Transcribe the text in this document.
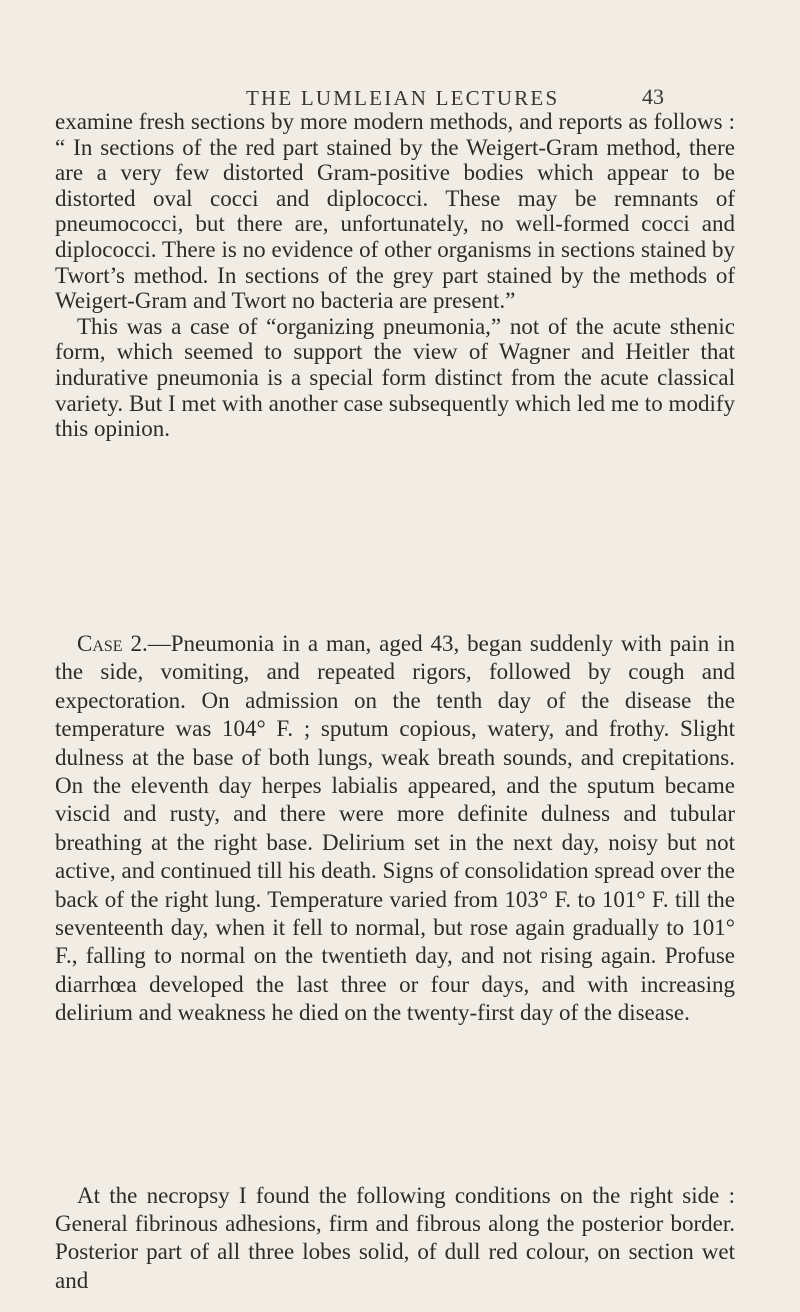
THE LUMLEIAN LECTURES	43

examine fresh sections by more modern methods, and reports as follows : “ In sections of the red part stained by the Weigert-Gram method, there are a very few distorted Gram-positive bodies which appear to be distorted oval cocci and diplococci. These may be remnants of pneumococci, but there are, unfortunately, no well-formed cocci and diplococci. There is no evidence of other organisms in sections stained by Twort’s method. In sections of the grey part stained by the methods of Weigert-Gram and Twort no bacteria are present.”

This was a case of “organizing pneumonia,” not of the acute sthenic form, which seemed to support the view of Wagner and Heitler that indurative pneumonia is a special form distinct from the acute classical variety. But I met with another case subsequently which led me to modify this opinion.

Case 2.—Pneumonia in a man, aged 43, began suddenly with pain in the side, vomiting, and repeated rigors, followed by cough and expectoration. On admission on the tenth day of the disease the temperature was 104° F. ; sputum copious, watery, and frothy. Slight dulness at the base of both lungs, weak breath sounds, and crepitations. On the eleventh day herpes labialis appeared, and the sputum became viscid and rusty, and there were more definite dulness and tubular breathing at the right base. Delirium set in the next day, noisy but not active, and continued till his death. Signs of consolidation spread over the back of the right lung. Temperature varied from 103° F. to 101° F. till the seventeenth day, when it fell to normal, but rose again gradually to 101° F., falling to normal on the twentieth day, and not rising again. Profuse diarrhœa developed the last three or four days, and with increasing delirium and weakness he died on the twenty-first day of the disease.

At the necropsy I found the following conditions on the right side : General fibrinous adhesions, firm and fibrous along the posterior border. Posterior part of all three lobes solid, of dull red colour, on section wet and
